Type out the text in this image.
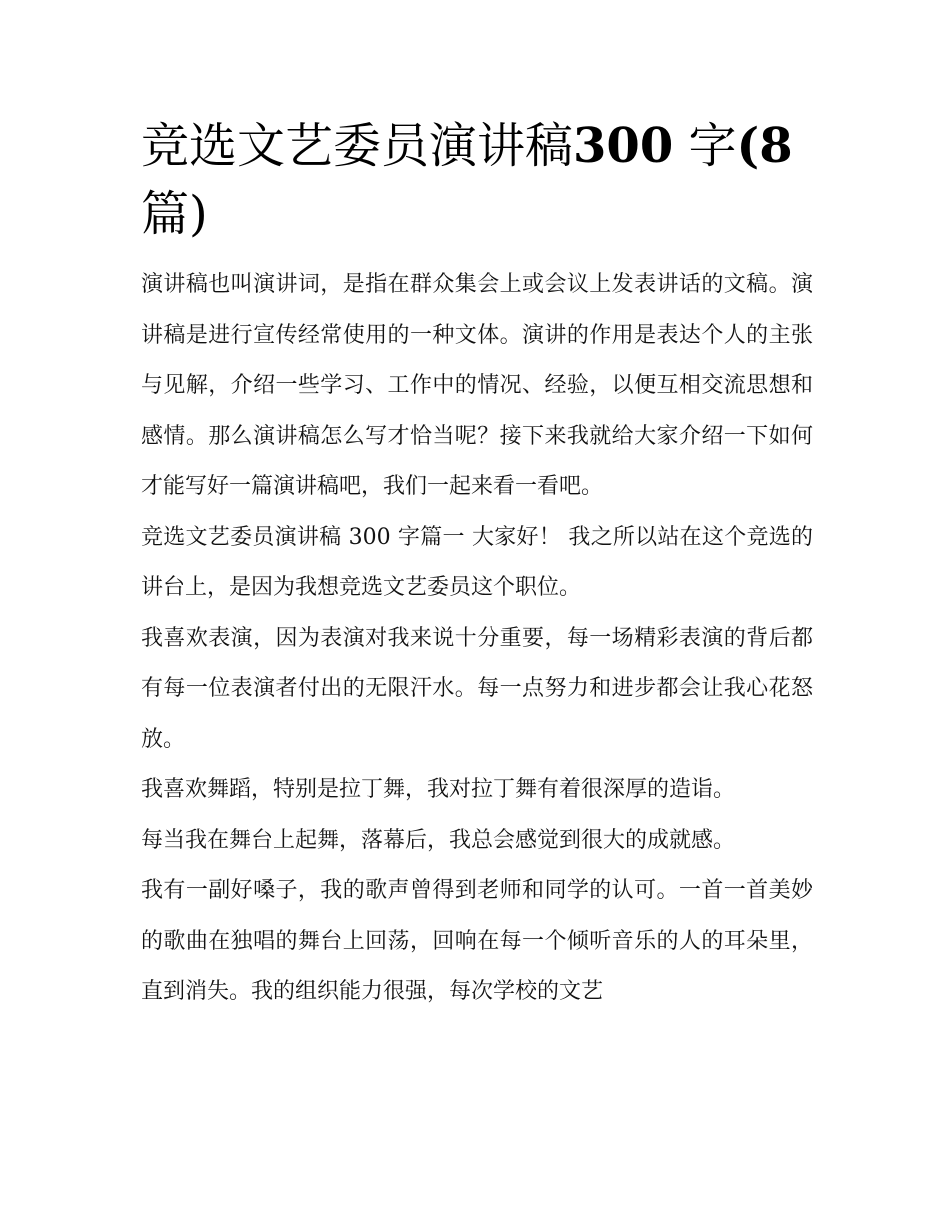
竞选文艺委员演讲稿300 字(8
篇)

演讲稿也叫演讲词，是指在群众集会上或会议上发表讲话的文稿。演讲稿是进行宣传经常使用的一种文体。演讲的作用是表达个人的主张与见解，介绍一些学习、工作中的情况、经验，以便互相交流思想和感情。那么演讲稿怎么写才恰当呢？接下来我就给大家介绍一下如何才能写好一篇演讲稿吧，我们一起来看一看吧。

竞选文艺委员演讲稿 300 字篇一 大家好！ 我之所以站在这个竞选的讲台上，是因为我想竞选文艺委员这个职位。

我喜欢表演，因为表演对我来说十分重要，每一场精彩表演的背后都有每一位表演者付出的无限汗水。每一点努力和进步都会让我心花怒放。

我喜欢舞蹈，特别是拉丁舞，我对拉丁舞有着很深厚的造诣。

每当我在舞台上起舞，落幕后，我总会感觉到很大的成就感。

我有一副好嗓子，我的歌声曾得到老师和同学的认可。一首一首美妙的歌曲在独唱的舞台上回荡，回响在每一个倾听音乐的人的耳朵里，直到消失。我的组织能力很强，每次学校的文艺
